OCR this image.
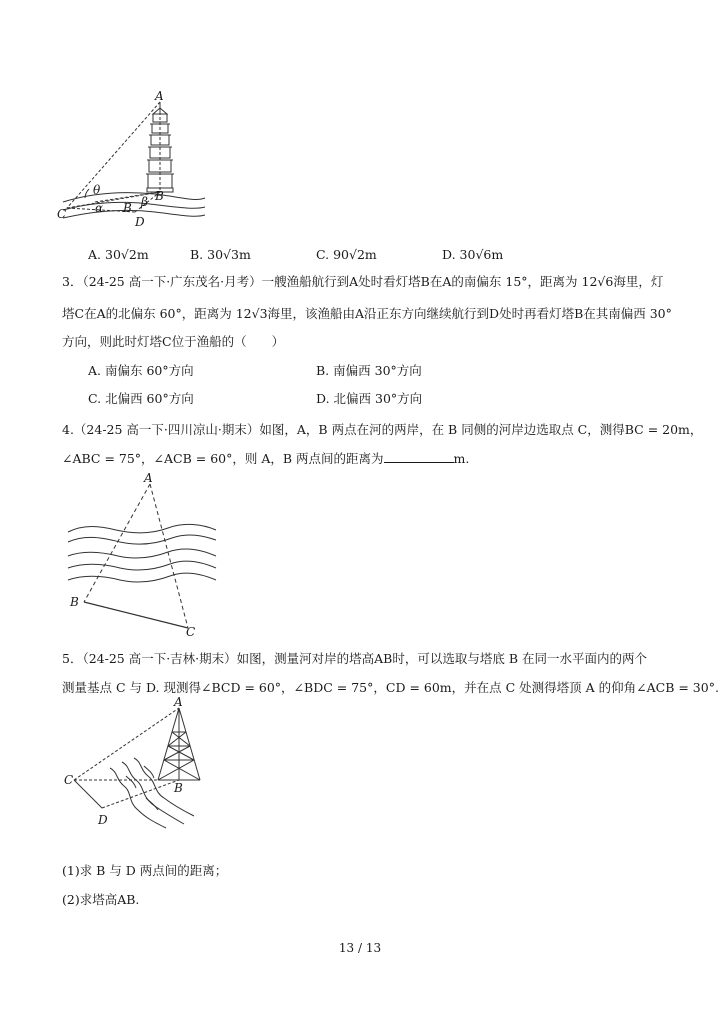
A
B
B
C
D
θ
α	β
A. 30√2m	B. 30√3m	C. 90√2m	D. 30√6m
3．（24-25 高一下·广东茂名·月考）一艘渔船航行到A处时看灯塔B在A的南偏东 15°，距离为 12√6海里，灯
塔C在A的北偏东 60°，距离为 12√3海里，该渔船由A沿正东方向继续航行到D处时再看灯塔B在其南偏西 30°
方向，则此时灯塔C位于渔船的（　　）
A. 南偏东 60°方向	B. 南偏西 30°方向
C. 北偏西 60°方向	D. 北偏西 30°方向
4.（24-25 高一下·四川凉山·期末）如图，A，B 两点在河的两岸，在 B 同侧的河岸边选取点 C，测得BC = 20m，
∠ABC = 75°，∠ACB = 60°，则 A，B 两点间的距离为	m.
A
B
C
5．（24-25 高一下·吉林·期末）如图，测量河对岸的塔高AB时，可以选取与塔底 B 在同一水平面内的两个
测量基点 C 与 D. 现测得∠BCD = 60°，∠BDC = 75°，CD = 60m，并在点 C 处测得塔顶 A 的仰角∠ACB = 30°.
A
B
C
D
(1)求 B 与 D 两点间的距离；
(2)求塔高AB.
13 / 13
